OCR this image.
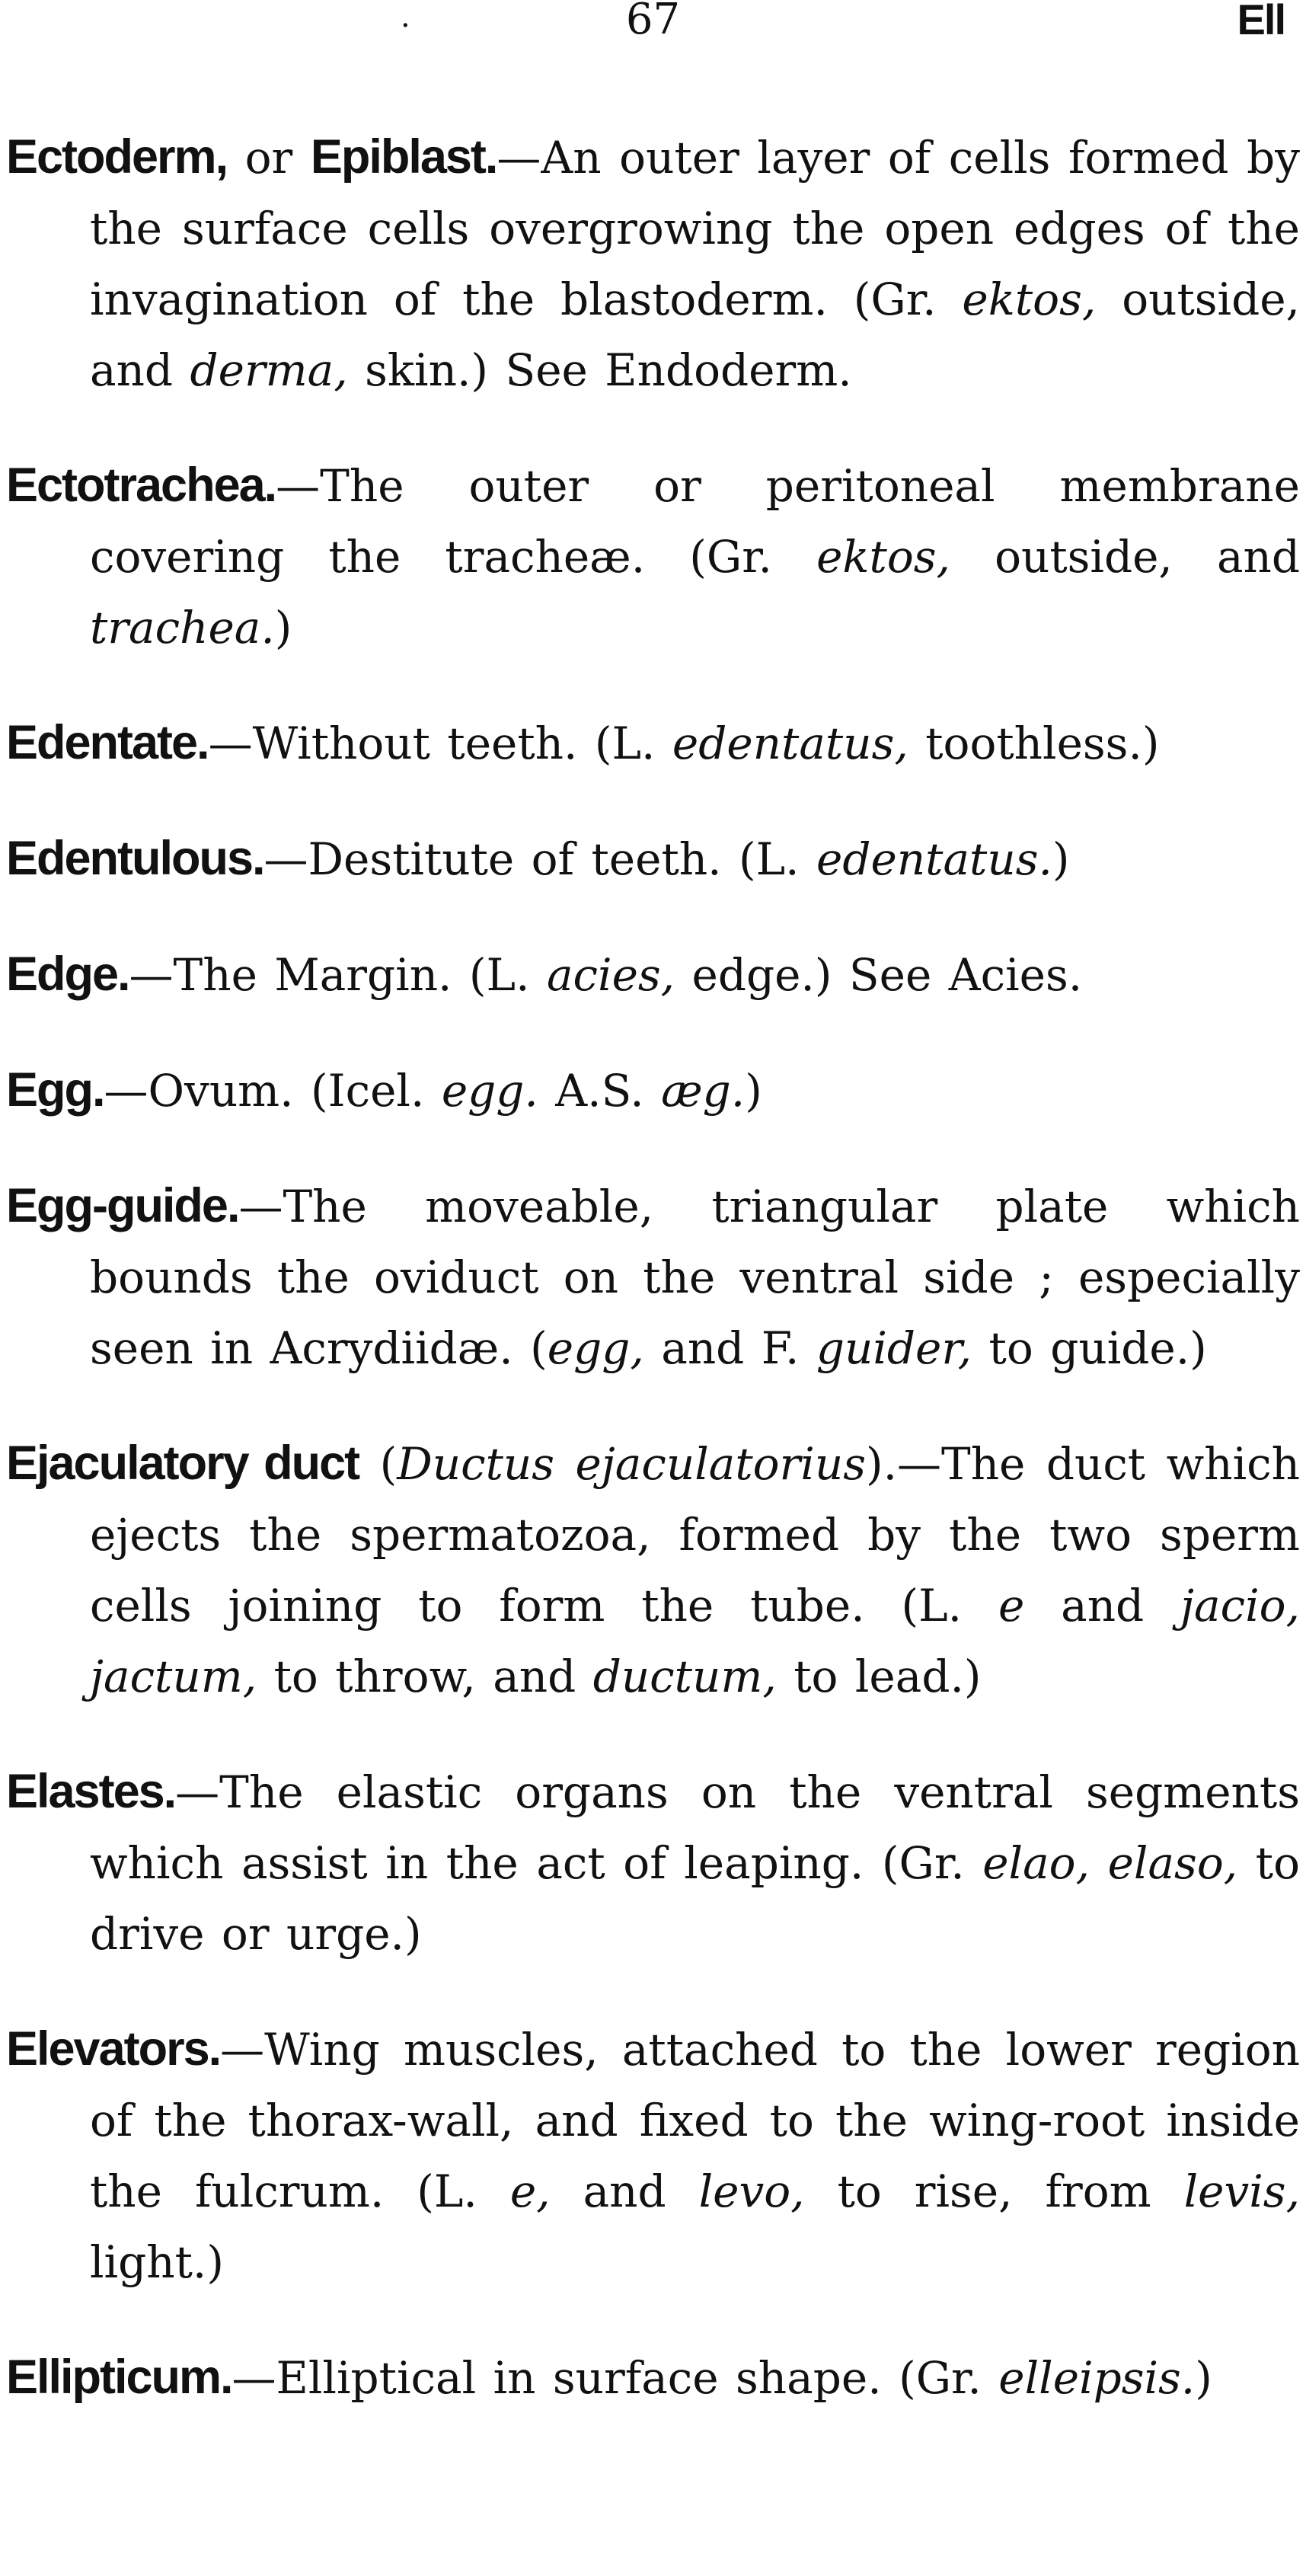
·	67	Ell

Ectoderm, or Epiblast.—An outer layer of cells formed by the surface cells overgrowing the open edges of the invagination of the blastoderm. (Gr. ektos, outside, and derma, skin.) See Endoderm.

Ectotrachea.—The outer or peritoneal membrane covering the tracheæ. (Gr. ektos, outside, and trachea.)

Edentate.—Without teeth. (L. edentatus, toothless.)

Edentulous.—Destitute of teeth. (L. edentatus.)

Edge.—The Margin. (L. acies, edge.) See Acies.

Egg.—Ovum. (Icel. egg. A.S. æg.)

Egg-guide.—The moveable, triangular plate which bounds the oviduct on the ventral side ; especially seen in Acrydiidæ. (egg, and F. guider, to guide.)

Ejaculatory duct (Ductus ejaculatorius).—The duct which ejects the spermatozoa, formed by the two sperm cells joining to form the tube. (L. e and jacio, jactum, to throw, and ductum, to lead.)

Elastes.—The elastic organs on the ventral segments which assist in the act of leaping. (Gr. elao, elaso, to drive or urge.)

Elevators.—Wing muscles, attached to the lower region of the thorax-wall, and fixed to the wing-root inside the fulcrum. (L. e, and levo, to rise, from levis, light.)

Ellipticum.—Elliptical in surface shape. (Gr. elleipsis.)
